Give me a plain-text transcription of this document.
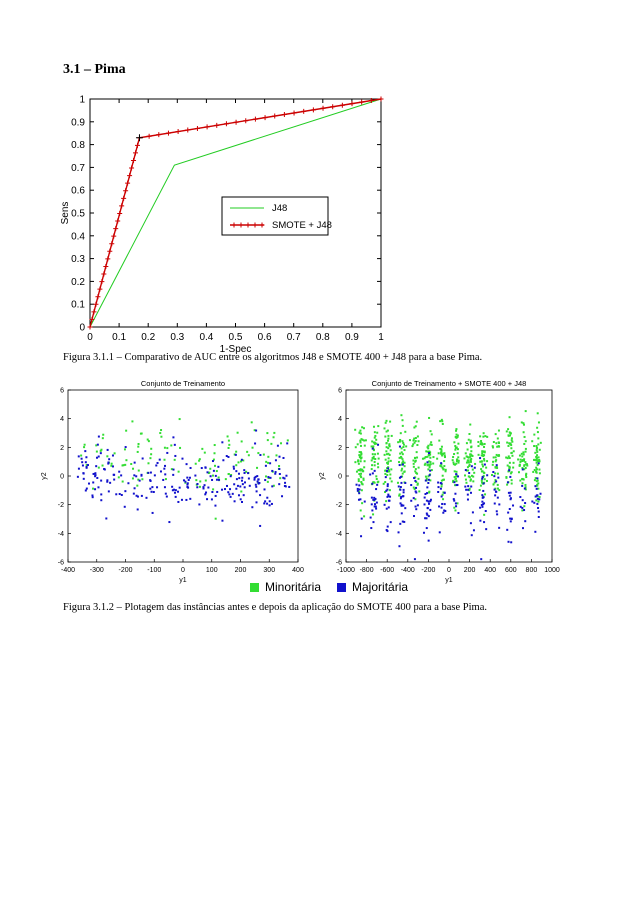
3.1 – Pima
0 0.1 0.2 0.3 0.4 0.5 0.6 0.7 0.8 0.9 1
0
0.1
0.2
0.3
0.4
0.5
0.6
0.7
0.8
0.9
1
1-Spec
Sens	J48
SMOTE + J48
Figura 3.1.1 – Comparativo de AUC entre os algoritmos J48 e SMOTE 400 + J48 para a base Pima.
Conjunto de Treinamento
-400 -300 -200 -100	0	100 200 300 400
-6
-4
-2
0
2
4
6
y1
y2
Conjunto de Treinamento + SMOTE 400 + J48
-1000 -800 -600 -400 -200 0 200 400 600 800 1000
-6
-4
-2
0
2
4
6
y1
y2
Minoritária	Majoritária
Figura 3.1.2 – Plotagem das instâncias antes e depois da aplicação do SMOTE 400 para a base Pima.
